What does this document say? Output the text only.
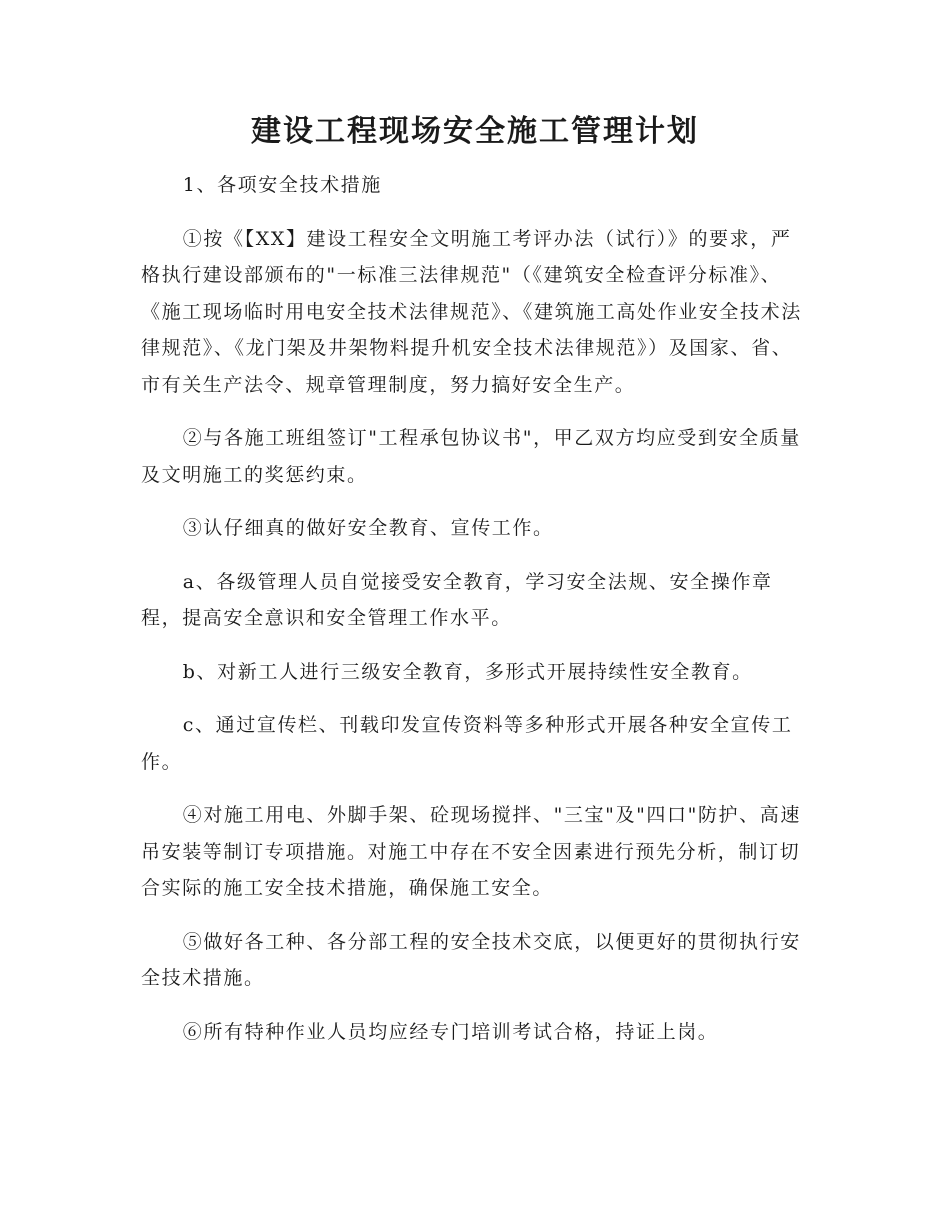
建设工程现场安全施工管理计划

1、各项安全技术措施

①按《【XX】建设工程安全文明施工考评办法（试行）》的要求，严格执行建设部颁布的"一标准三法律规范"（《建筑安全检查评分标准》、《施工现场临时用电安全技术法律规范》、《建筑施工高处作业安全技术法律规范》、《龙门架及井架物料提升机安全技术法律规范》）及国家、省、市有关生产法令、规章管理制度，努力搞好安全生产。

②与各施工班组签订"工程承包协议书"，甲乙双方均应受到安全质量及文明施工的奖惩约束。

③认仔细真的做好安全教育、宣传工作。

a、各级管理人员自觉接受安全教育，学习安全法规、安全操作章程，提高安全意识和安全管理工作水平。

b、对新工人进行三级安全教育，多形式开展持续性安全教育。

c、通过宣传栏、刊载印发宣传资料等多种形式开展各种安全宣传工作。

④对施工用电、外脚手架、砼现场搅拌、"三宝"及"四口"防护、高速吊安装等制订专项措施。对施工中存在不安全因素进行预先分析，制订切合实际的施工安全技术措施，确保施工安全。

⑤做好各工种、各分部工程的安全技术交底，以便更好的贯彻执行安全技术措施。

⑥所有特种作业人员均应经专门培训考试合格，持证上岗。
